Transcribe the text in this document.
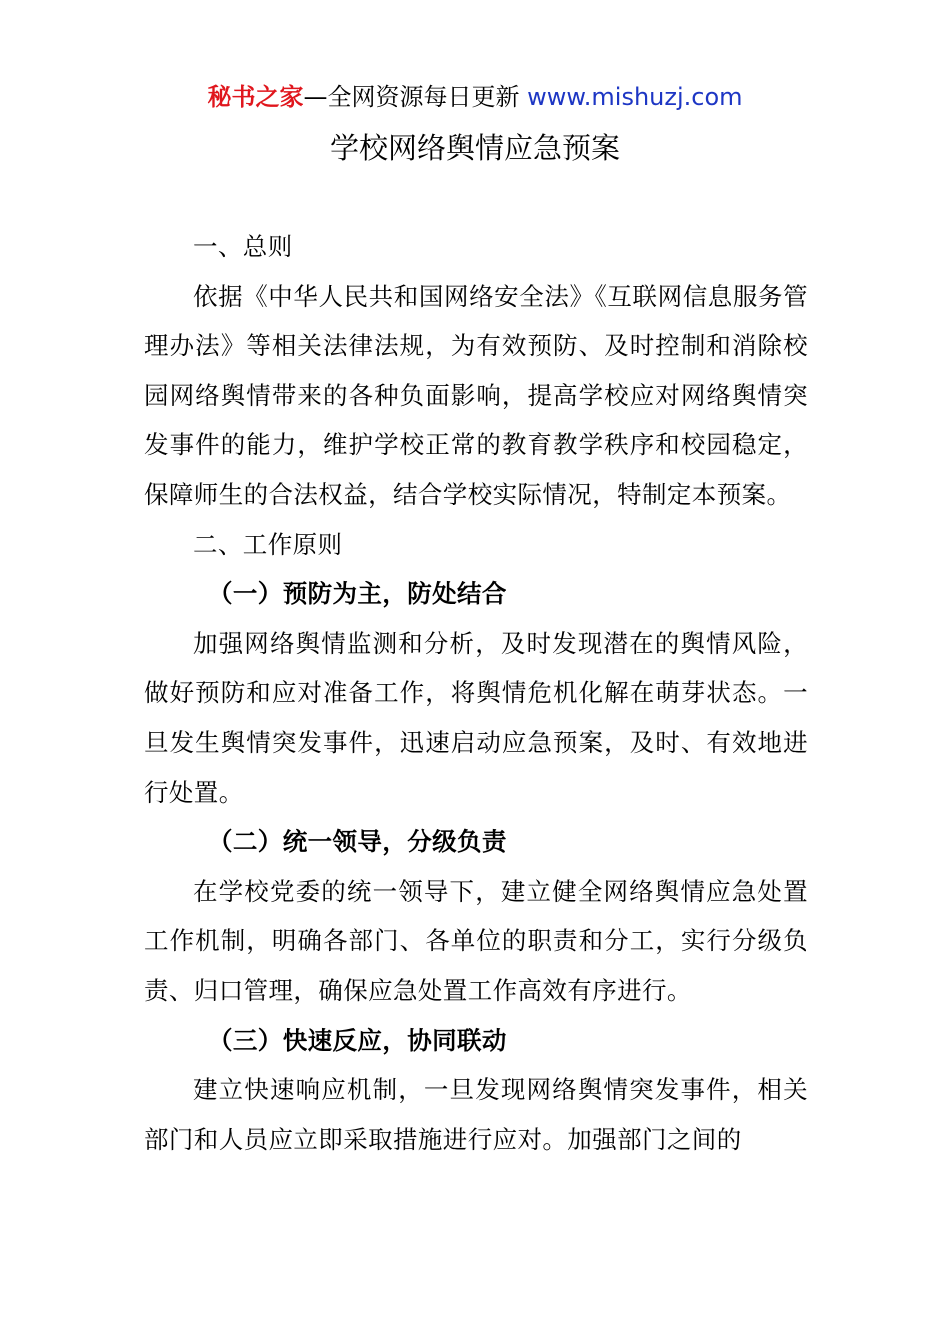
秘书之家—全网资源每日更新 www.mishuzj.com
学校网络舆情应急预案
一、总则
依据《中华人民共和国网络安全法》《互联网信息服务管理办法》等相关法律法规，为有效预防、及时控制和消除校园网络舆情带来的各种负面影响，提高学校应对网络舆情突发事件的能力，维护学校正常的教育教学秩序和校园稳定，保障师生的合法权益，结合学校实际情况，特制定本预案。
二、工作原则
（一）预防为主，防处结合
加强网络舆情监测和分析，及时发现潜在的舆情风险，做好预防和应对准备工作，将舆情危机化解在萌芽状态。一旦发生舆情突发事件，迅速启动应急预案，及时、有效地进行处置。
（二）统一领导，分级负责
在学校党委的统一领导下，建立健全网络舆情应急处置工作机制，明确各部门、各单位的职责和分工，实行分级负责、归口管理，确保应急处置工作高效有序进行。
（三）快速反应，协同联动
建立快速响应机制，一旦发现网络舆情突发事件，相关部门和人员应立即采取措施进行应对。加强部门之间的
